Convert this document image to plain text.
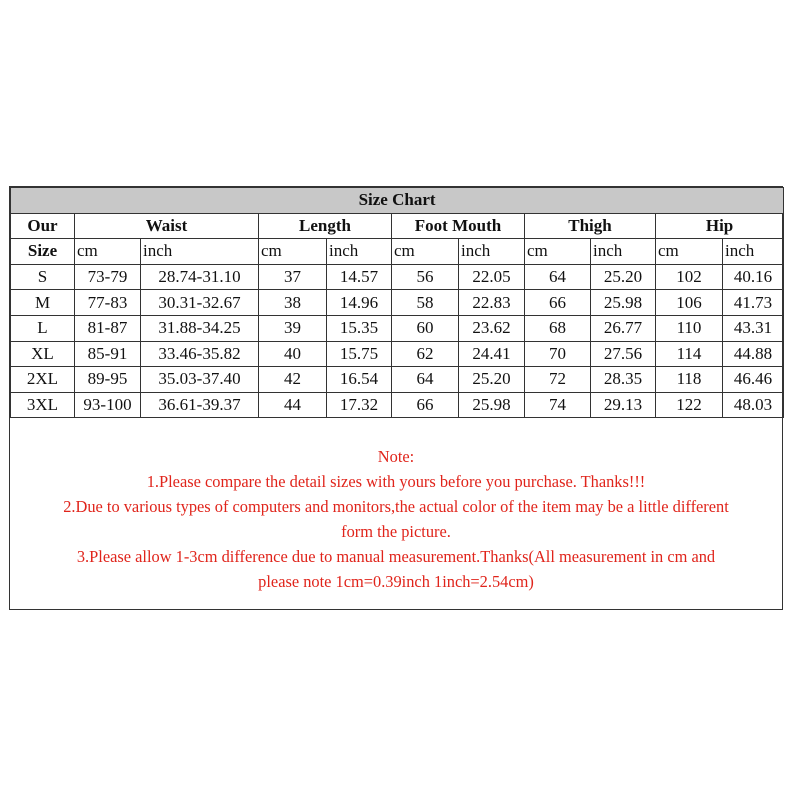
Size Chart										
Our	Waist		Length		Foot Mouth		Thigh		Hip	
Size	cm	inch	cm	inch	cm	inch	cm	inch	cm	inch
S	73-79	28.74-31.10	37	14.57	56	22.05	64	25.20	102	40.16
M	77-83	30.31-32.67	38	14.96	58	22.83	66	25.98	106	41.73
L	81-87	31.88-34.25	39	15.35	60	23.62	68	26.77	110	43.31
XL	85-91	33.46-35.82	40	15.75	62	24.41	70	27.56	114	44.88
2XL	89-95	35.03-37.40	42	16.54	64	25.20	72	28.35	118	46.46
3XL	93-100	36.61-39.37	44	17.32	66	25.98	74	29.13	122	48.03
Note:
1.Please compare the detail sizes with yours before you purchase. Thanks!!!
2.Due to various types of computers and monitors,the actual color of the item may be a little different
form the picture.
3.Please allow 1-3cm difference due to manual measurement.Thanks(All measurement in cm and
please note 1cm=0.39inch 1inch=2.54cm)
